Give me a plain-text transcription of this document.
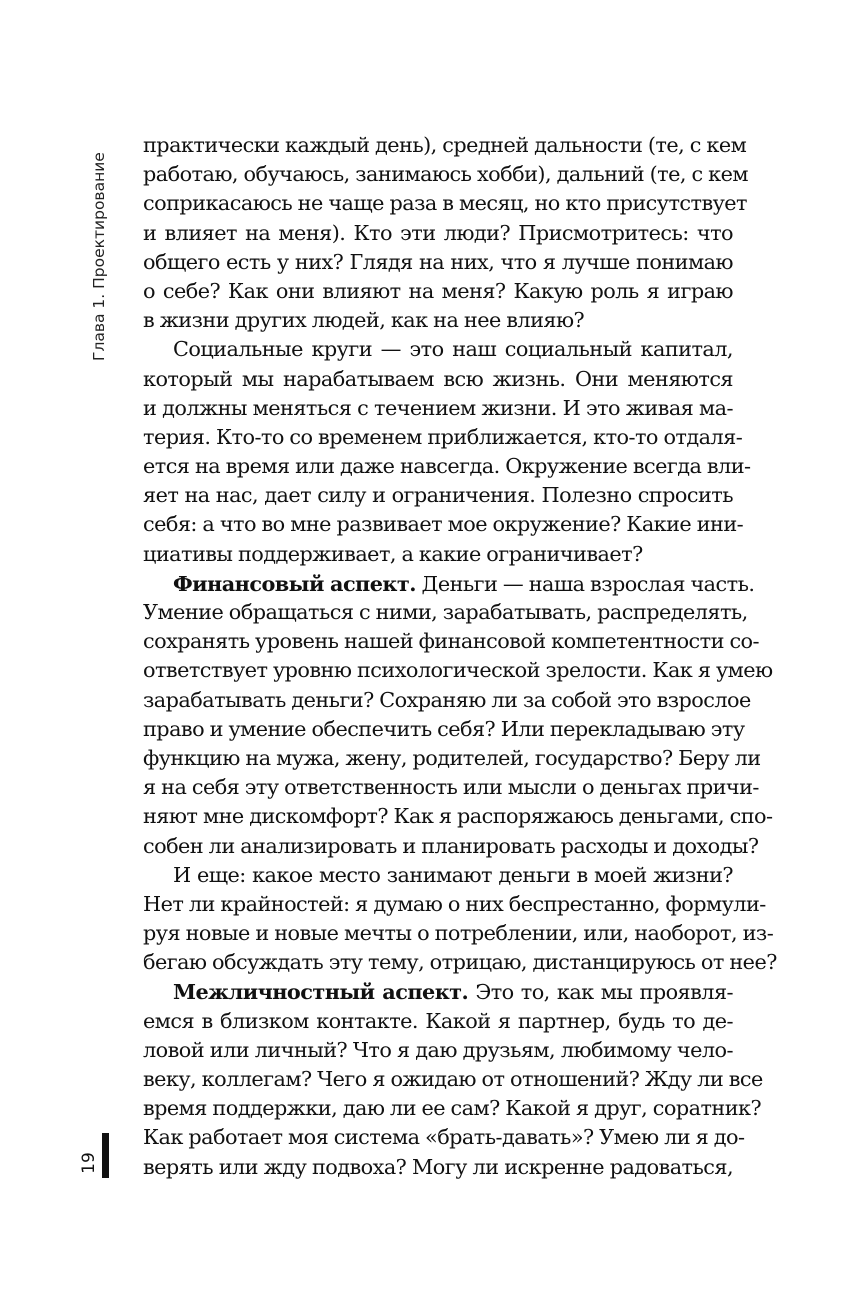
Глава 1. Проектирование
19
практически каждый день), средней дальности (те, с кем
работаю, обучаюсь, занимаюсь хобби), дальний (те, с кем
соприкасаюсь не чаще раза в месяц, но кто присутствует
и влияет на меня). Кто эти люди? Присмотритесь: что
общего есть у них? Глядя на них, что я лучше понимаю
о себе? Как они влияют на меня? Какую роль я играю
в жизни других людей, как на нее влияю?
Социальные круги — это наш социальный капитал,
который мы нарабатываем всю жизнь. Они меняются
и должны меняться с течением жизни. И это живая ма-
терия. Кто-то со временем приближается, кто-то отдаля-
ется на время или даже навсегда. Окружение всегда вли-
яет на нас, дает силу и ограничения. Полезно спросить
себя: а что во мне развивает мое окружение? Какие ини-
циативы поддерживает, а какие ограничивает?
Финансовый аспект. Деньги — наша взрослая часть.
Умение обращаться с ними, зарабатывать, распределять,
сохранять уровень нашей финансовой компетентности со-
ответствует уровню психологической зрелости. Как я умею
зарабатывать деньги? Сохраняю ли за собой это взрослое
право и умение обеспечить себя? Или перекладываю эту
функцию на мужа, жену, родителей, государство? Беру ли
я на себя эту ответственность или мысли о деньгах причи-
няют мне дискомфорт? Как я распоряжаюсь деньгами, спо-
собен ли анализировать и планировать расходы и доходы?
И еще: какое место занимают деньги в моей жизни?
Нет ли крайностей: я думаю о них беспрестанно, формули-
руя новые и новые мечты о потреблении, или, наоборот, из-
бегаю обсуждать эту тему, отрицаю, дистанцируюсь от нее?
Межличностный аспект. Это то, как мы проявля-
емся в близком контакте. Какой я партнер, будь то де-
ловой или личный? Что я даю друзьям, любимому чело-
веку, коллегам? Чего я ожидаю от отношений? Жду ли все
время поддержки, даю ли ее сам? Какой я друг, соратник?
Как работает моя система «брать-давать»? Умею ли я до-
верять или жду подвоха? Могу ли искренне радоваться,
